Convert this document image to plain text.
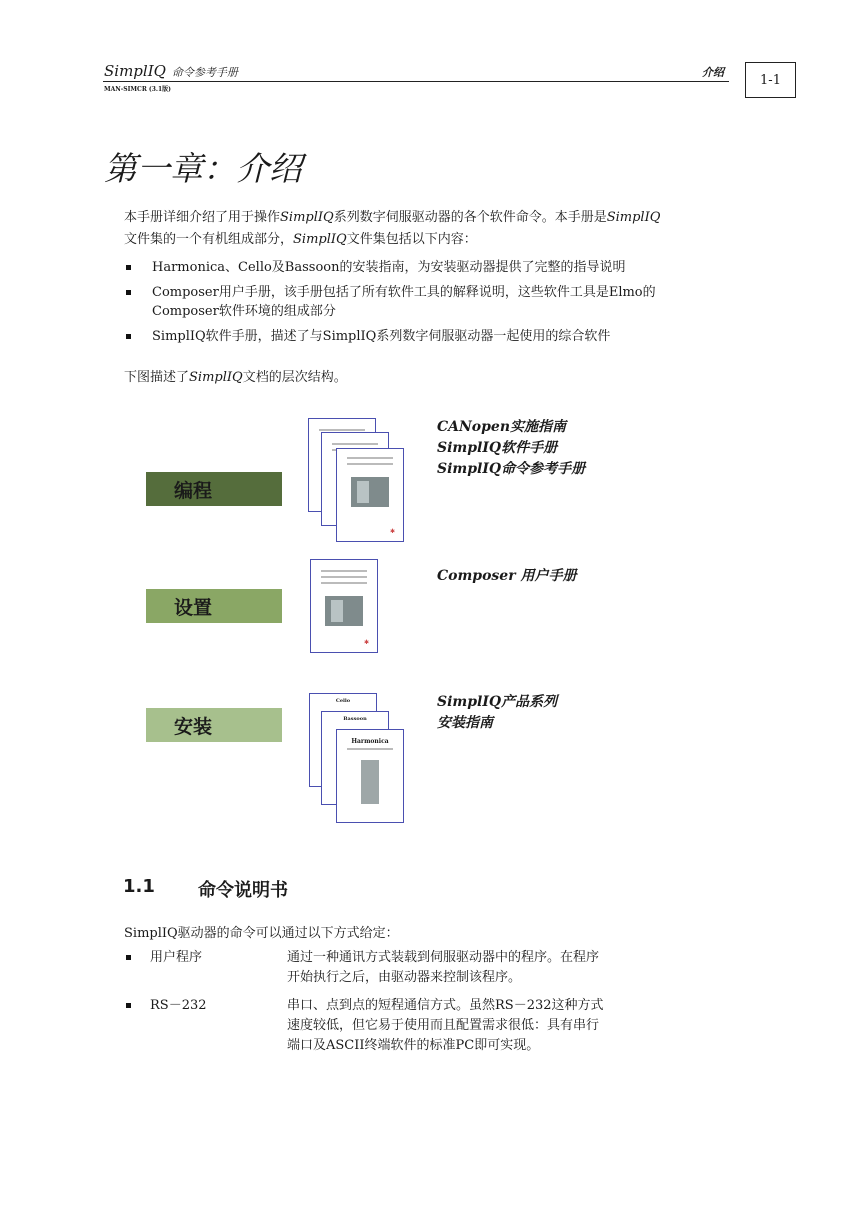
SimplIQ 命令参考手册	介绍
MAN-SIMCR (3.1版)
1-1
第一章：介绍
本手册详细介绍了用于操作SimplIQ系列数字伺服驱动器的各个软件命令。本手册是SimplIQ
文件集的一个有机组成部分，SimplIQ文件集包括以下内容：
Harmonica、Cello及Bassoon的安装指南，为安装驱动器提供了完整的指导说明
Composer用户手册，该手册包括了所有软件工具的解释说明，这些软件工具是Elmo的
Composer软件环境的组成部分
SimplIQ软件手册，描述了与SimplIQ系列数字伺服驱动器一起使用的综合软件
下图描述了SimplIQ文档的层次结构。
编程
设置
安装
✱
✱
Cello
Bassoon
Harmonica
CANopen实施指南
SimplIQ软件手册
SimplIQ命令参考手册
Composer 用户手册
SimplIQ产品系列
安装指南
1.1 命令说明书
SimplIQ驱动器的命令可以通过以下方式给定：
用户程序	通过一种通讯方式装载到伺服驱动器中的程序。在程序
开始执行之后，由驱动器来控制该程序。
RS－232	串口、点到点的短程通信方式。虽然RS－232这种方式
速度较低，但它易于使用而且配置需求很低：具有串行
端口及ASCII终端软件的标准PC即可实现。
